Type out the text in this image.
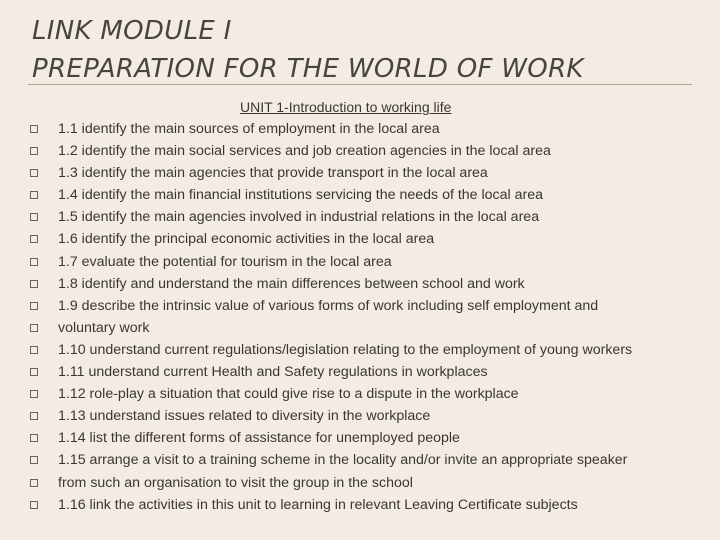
LINK MODULE I
PREPARATION FOR THE WORLD OF WORK
UNIT 1-Introduction to working life
1.1 identify the main sources of employment in the local area
1.2 identify the main social services and job creation agencies in the local area
1.3 identify the main agencies that provide transport in the local area
1.4 identify the main financial institutions servicing the needs of the local area
1.5 identify the main agencies involved in industrial relations in the local area
1.6 identify the principal economic activities in the local area
1.7 evaluate the potential for tourism in the local area
1.8 identify and understand the main differences between school and work
1.9 describe the intrinsic value of various forms of work including self employment and
voluntary work
1.10 understand current regulations/legislation relating to the employment of young workers
1.11 understand current Health and Safety regulations in workplaces
1.12 role-play a situation that could give rise to a dispute in the workplace
1.13 understand issues related to diversity in the workplace
1.14 list the different forms of assistance for unemployed people
1.15 arrange a visit to a training scheme in the locality and/or invite an appropriate speaker
from such an organisation to visit the group in the school
1.16 link the activities in this unit to learning in relevant Leaving Certificate subjects
